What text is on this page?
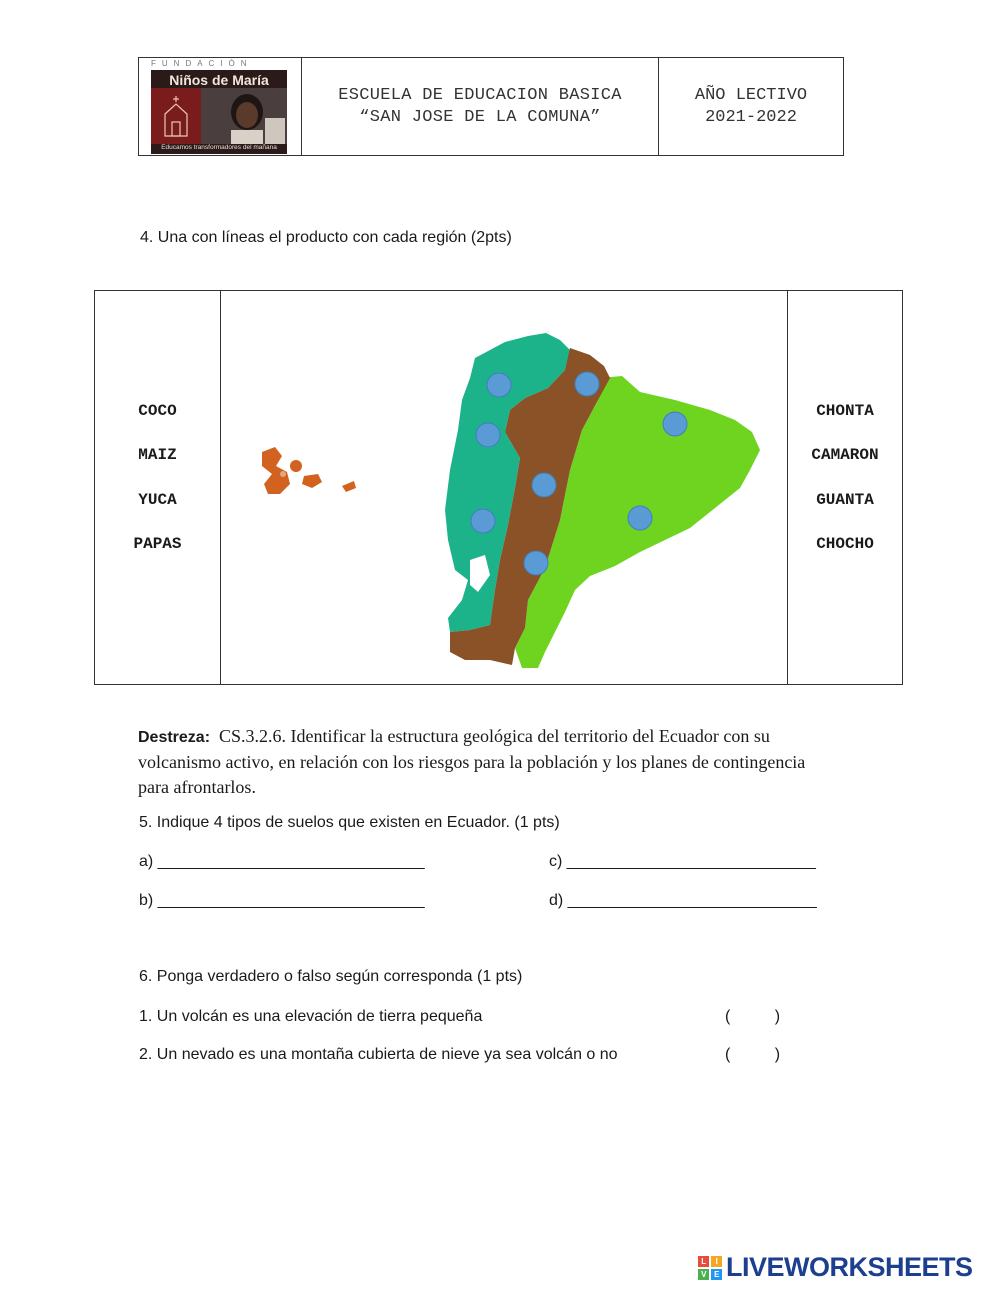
FUNDACIÓN
Niños de María
Educamos transformadores del mañana
ESCUELA DE EDUCACION BASICA
“SAN JOSE DE LA COMUNA”
AÑO LECTIVO
2021-2022
4. Una con líneas el producto con cada región (2pts)
COCO
MAIZ
YUCA
PAPAS
CHONTA
CAMARON
GUANTA
CHOCHO
Destreza: CS.3.2.6. Identificar la estructura geológica del territorio del Ecuador con su volcanismo activo, en relación con los riesgos para la población y los planes de contingencia para afrontarlos.
5. Indique 4 tipos de suelos que existen en Ecuador. (1 pts)
a) ______________________________	c) ____________________________
b) ______________________________	d) ____________________________
6. Ponga verdadero o falso según corresponda (1 pts)
1. Un volcán es una elevación de tierra pequeña	(          )
2. Un nevado es una montaña cubierta de nieve ya sea volcán o no	(          )
L	I
V	E LIVEWORKSHEETS
